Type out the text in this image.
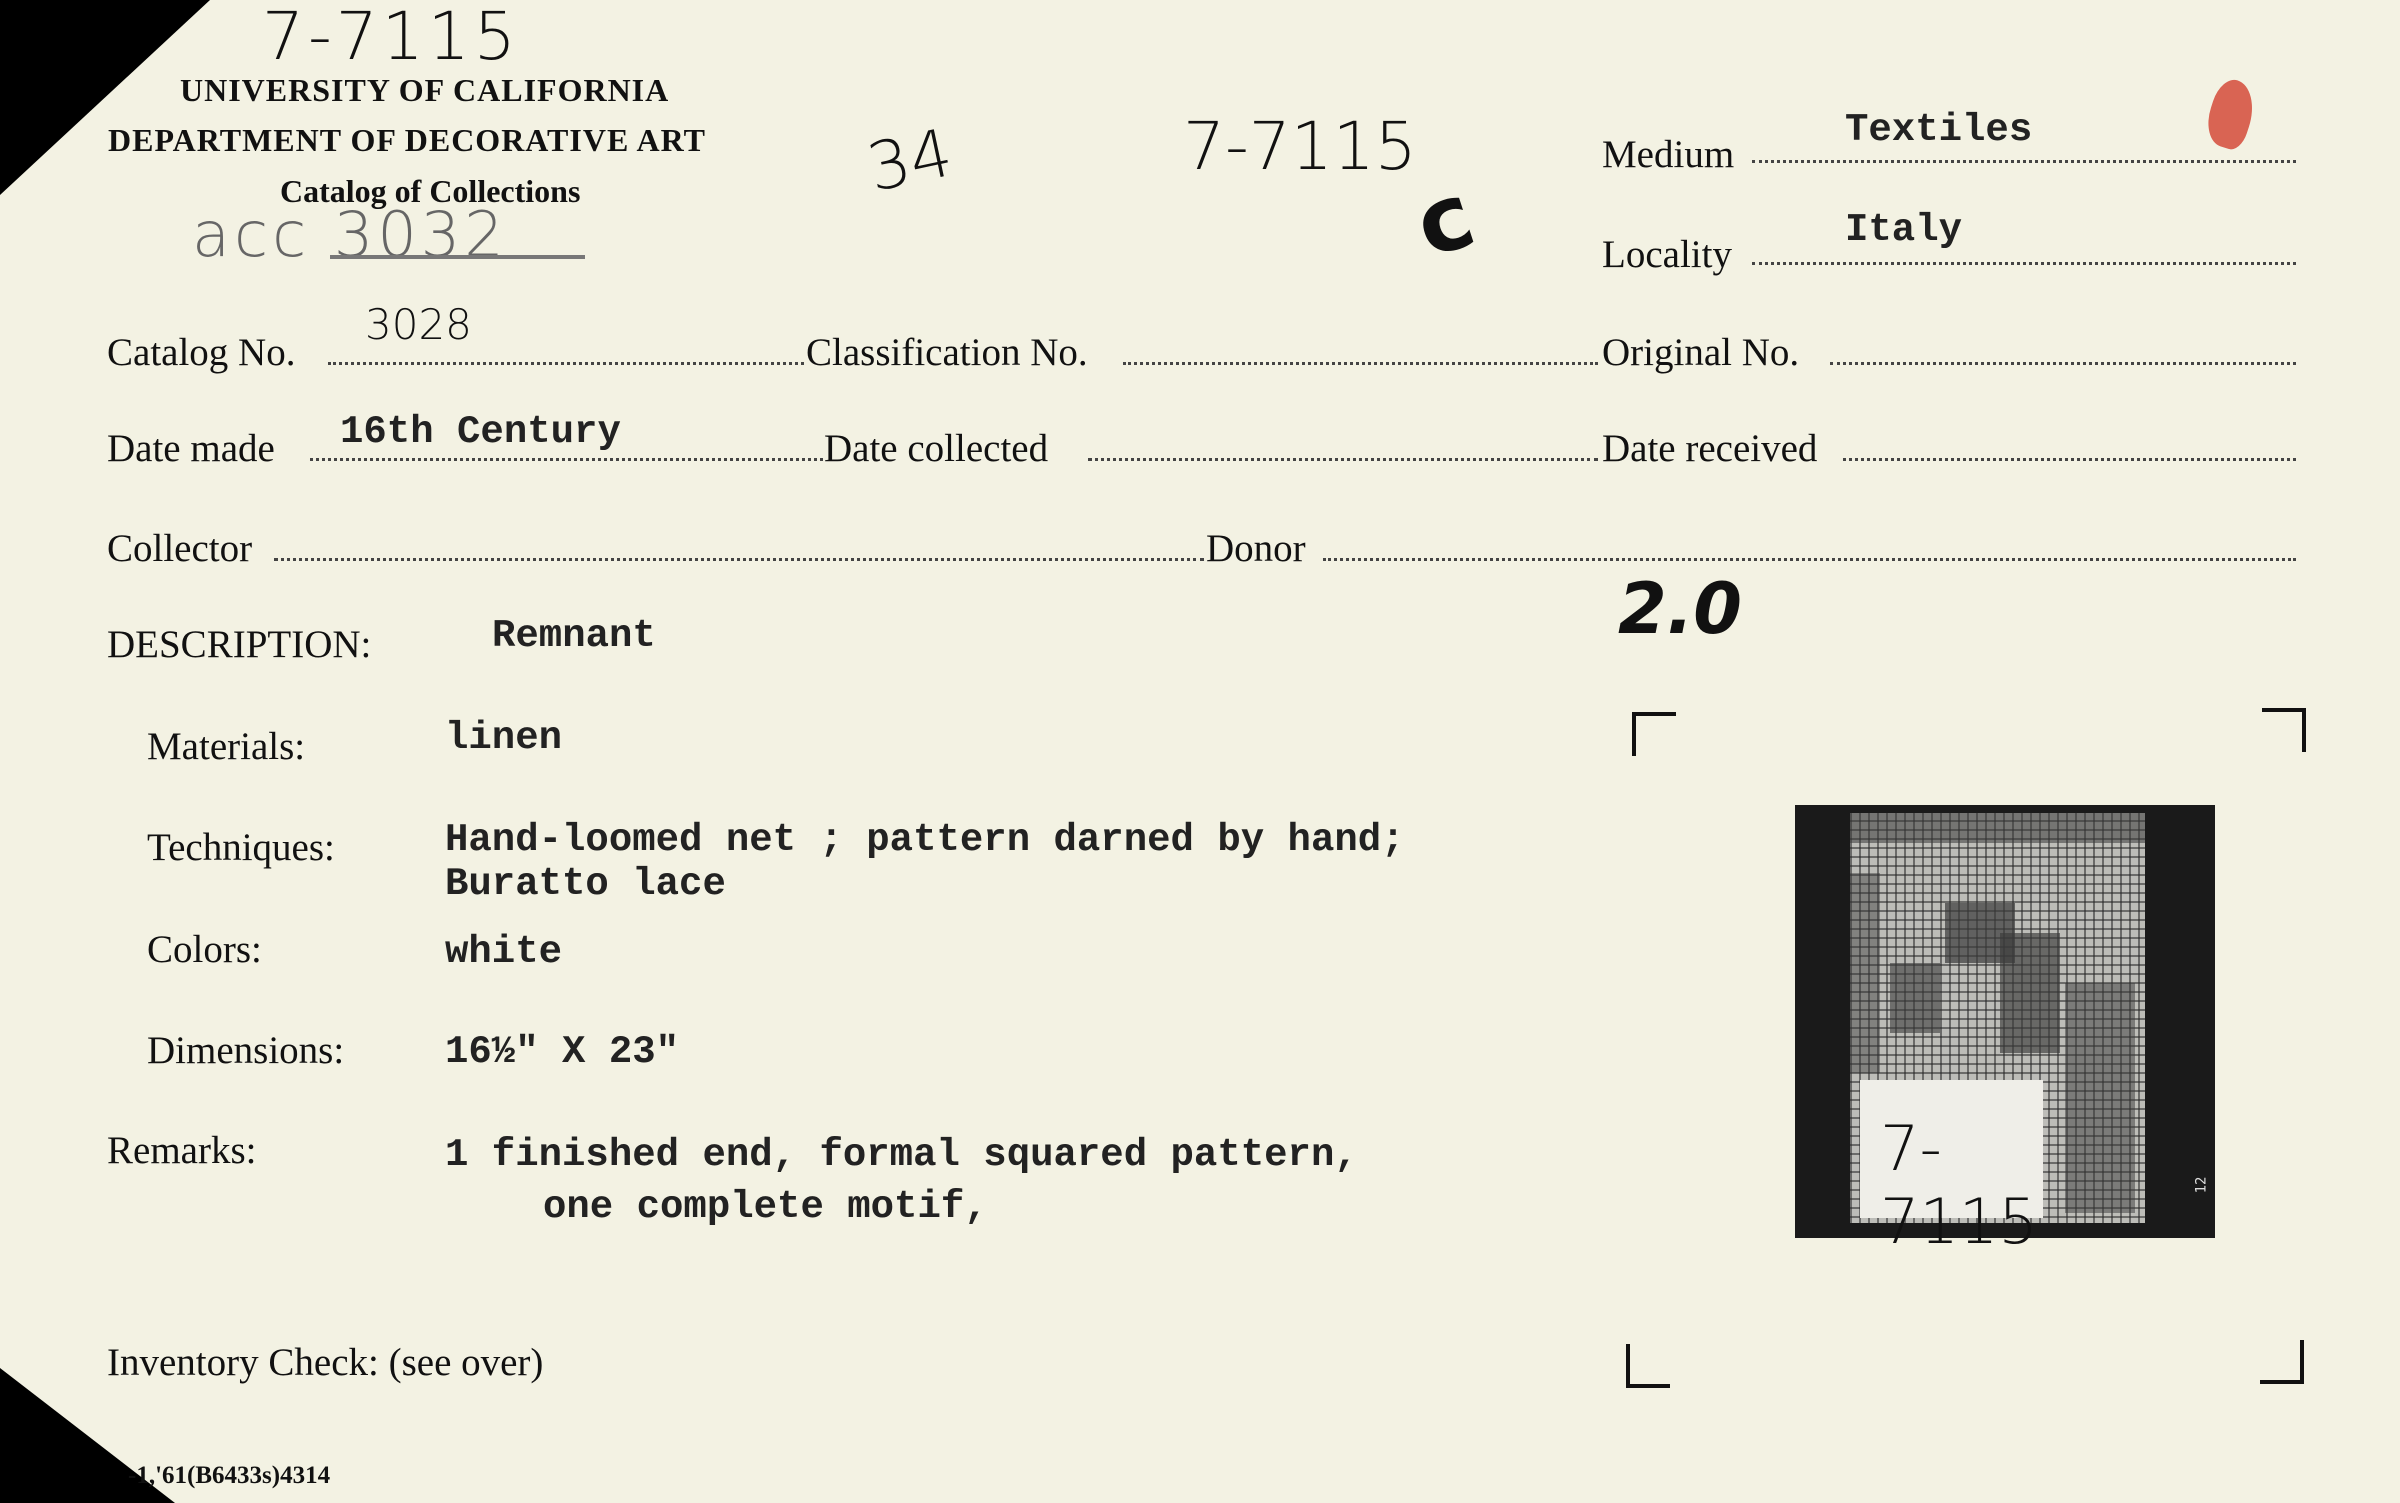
7-7115
UNIVERSITY OF CALIFORNIA
DEPARTMENT OF DECORATIVE ART
Catalog of Collections
acc 3032
34	7-7115
c
Medium
Textiles
Locality
Italy
Catalog No.
3028
Classification No.	Original No.
Date made 16th Century	Date collected	Date received
Collector	Donor
2.0
DESCRIPTION:	Remnant
Materials:	linen
Techniques:	Hand-loomed net ; pattern darned by hand;
Buratto lace
Colors:	white
Dimensions:	16½" X 23"
Remarks:	1 finished end, formal squared pattern,
one complete motif,
7-7115	12
Inventory Check: (see over)
-1,'61(B6433s)4314
